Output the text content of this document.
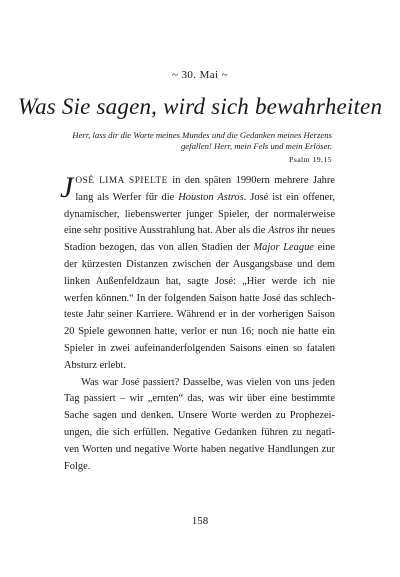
~ 30. Mai ~
Was Sie sagen, wird sich bewahrheiten
Herr, lass dir die Worte meines Mundes und die Gedanken meines Herzens gefallen! Herr, mein Fels und mein Erlöser.
Psalm 19,15

JOSÉ LIMA SPIELTE in den späten 1990ern mehrere Jahre lang als Werfer für die Houston Astros. José ist ein offener, dynamischer, liebenswerter junger Spieler, der normalerweise eine sehr positive Ausstrahlung hat. Aber als die Astros ihr neues Stadion bezogen, das von allen Stadien der Major League eine der kürzesten Distanzen zwischen der Ausgangsbase und dem linken Außenfeldzaun hat, sagte José: „Hier werde ich nie werfen können.“ In der folgenden Saison hatte José das schlechteste Jahr seiner Karriere. Während er in der vorherigen Saison 20 Spiele gewonnen hatte, verlor er nun 16; noch nie hatte ein Spieler in zwei aufeinanderfolgenden Saisons einen so fatalen Absturz erlebt.

Was war José passiert? Dasselbe, was vielen von uns jeden Tag passiert – wir „ernten“ das, was wir über eine bestimmte Sache sagen und denken. Unsere Worte werden zu Prophezeiungen, die sich erfüllen. Negative Gedanken führen zu negativen Worten und negative Worte haben negative Handlungen zur Folge.

158
